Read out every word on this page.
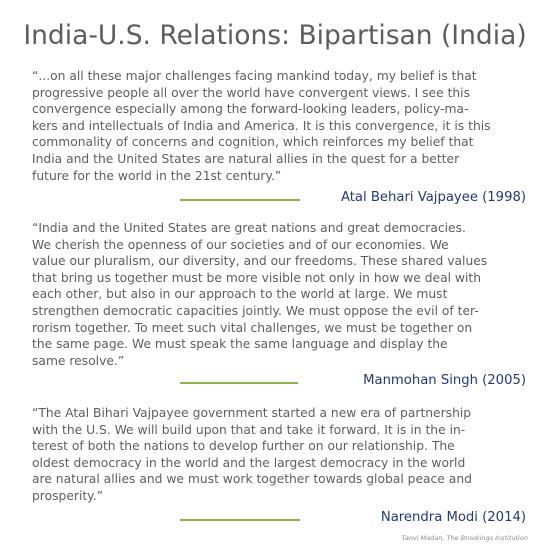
India-U.S. Relations: Bipartisan (India)
“...on all these major challenges facing mankind today, my belief is that
progressive people all over the world have convergent views. I see this
convergence especially among the forward-looking leaders, policy-ma-
kers and intellectuals of India and America. It is this convergence, it is this
commonality of concerns and cognition, which reinforces my belief that
India and the United States are natural allies in the quest for a better
future for the world in the 21st century.”
Atal Behari Vajpayee (1998)
“India and the United States are great nations and great democracies.
We cherish the openness of our societies and of our economies. We
value our pluralism, our diversity, and our freedoms. These shared values
that bring us together must be more visible not only in how we deal with
each other, but also in our approach to the world at large. We must
strengthen democratic capacities jointly. We must oppose the evil of ter-
rorism together. To meet such vital challenges, we must be together on
the same page. We must speak the same language and display the
same resolve.”
Manmohan Singh (2005)
“The Atal Bihari Vajpayee government started a new era of partnership
with the U.S. We will build upon that and take it forward. It is in the in-
terest of both the nations to develop further on our relationship. The
oldest democracy in the world and the largest democracy in the world
are natural allies and we must work together towards global peace and
prosperity.”
Narendra Modi (2014)
Tanvi Madan, The Brookings Institution
